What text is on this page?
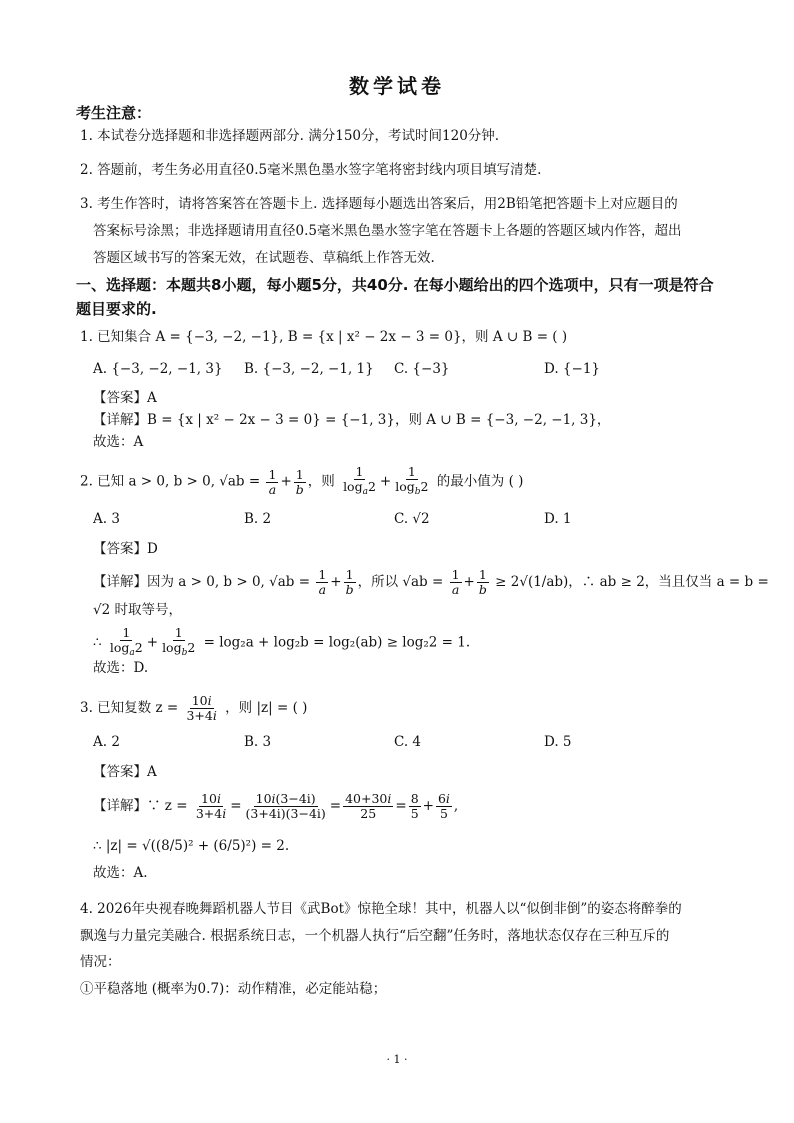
数学试卷
考生注意：
1. 本试卷分选择题和非选择题两部分. 满分150分，考试时间120分钟.
2. 答题前，考生务必用直径0.5毫米黑色墨水签字笔将密封线内项目填写清楚.
3. 考生作答时，请将答案答在答题卡上. 选择题每小题选出答案后，用2B铅笔把答题卡上对应题目的
答案标号涂黑；非选择题请用直径0.5毫米黑色墨水签字笔在答题卡上各题的答题区域内作答，超出
答题区域书写的答案无效，在试题卷、草稿纸上作答无效.
一、选择题：本题共8小题，每小题5分，共40分. 在每小题给出的四个选项中，只有一项是符合
题目要求的.
1. 已知集合 A = {−3, −2, −1}, B = {x | x² − 2x − 3 = 0}，则 A ∪ B = ( )
A. {−3, −2, −1, 3} B. {−3, −2, −1, 1} C. {−3}	D. {−1}
【答案】A
【详解】B = {x | x² − 2x − 3 = 0} = {−1, 3}，则 A ∪ B = {−3, −2, −1, 3}，
故选：A
2. 已知 a > 0, b > 0, $√ab = \frac{1}{a} + \frac{1}{b}$ ，则 $\frac{1}{\log_a2} + \frac{1}{\log_b2}$ 的最小值为 ( )
A. 3	B. 2	C. √2	D. 1
【答案】D
【详解】因为 a > 0, b > 0, $√ab = \frac{1}{a} + \frac{1}{b}$ ，所以 $√ab = \frac{1}{a} + \frac{1}{b} \ge 2√(1/ab)$，∴ ab ≥ 2，当且仅当 a = b =
√2 时取等号，
∴ $\frac{1}{\log_a2} + \frac{1}{\log_b2} = \log_2a + \log_2b = \log_2(ab) \ge \log_22 = 1$.
故选：D.
3. 已知复数 $z = \frac{10i}{3+4i}$ ，则 |z| = ( )
A. 2	B. 3	C. 4	D. 5
【答案】A
【详解】∵ $z = \frac{10i}{3+4i} = \frac{10i(3-4i)}{(3+4i)(3-4i)} = \frac{40+30i}{25} = \frac{8}{5} + \frac{6i}{5}$ ,
∴ |z| = √((8/5)² + (6/5)²) = 2.
故选：A.
4. 2026年央视春晚舞蹈机器人节目《武Bot》惊艳全球！其中，机器人以“似倒非倒”的姿态将醉拳的
飘逸与力量完美融合. 根据系统日志，一个机器人执行“后空翻”任务时，落地状态仅存在三种互斥的
情况：
①平稳落地 (概率为0.7)：动作精准，必定能站稳；
· 1 ·
